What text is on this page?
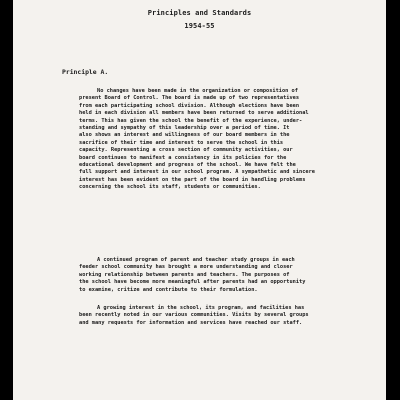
Principles and Standards
1954-55
Principle A.
No changes have been made in the organization or composition of
present Board of Control. The board is made up of two representatives
from each participating school division. Although elections have been
held in each division all members have been returned to serve additional
terms. This has given the school the benefit of the experience, under-
standing and sympathy of this leadership over a period of time. It
also shows an interest and willingness of our board members in the
sacrifice of their time and interest to serve the school in this
capacity. Representing a cross section of community activities, our
board continues to manifest a consistency in its policies for the
educational development and progress of the school. We have felt the
full support and interest in our school program. A sympathetic and sincere
interest has been evident on the part of the board in handling problems
concerning the school its staff, students or communities.
A continued program of parent and teacher study groups in each
feeder school community has brought a more understanding and closer
working relationship between parents and teachers. The purposes of
the school have become more meaningful after parents had an opportunity
to examine, critize and contribute to their formulation.
A growing interest in the school, its program, and facilities has
been recently noted in our various communities. Visits by several groups
and many requests for information and services have reached our staff.
